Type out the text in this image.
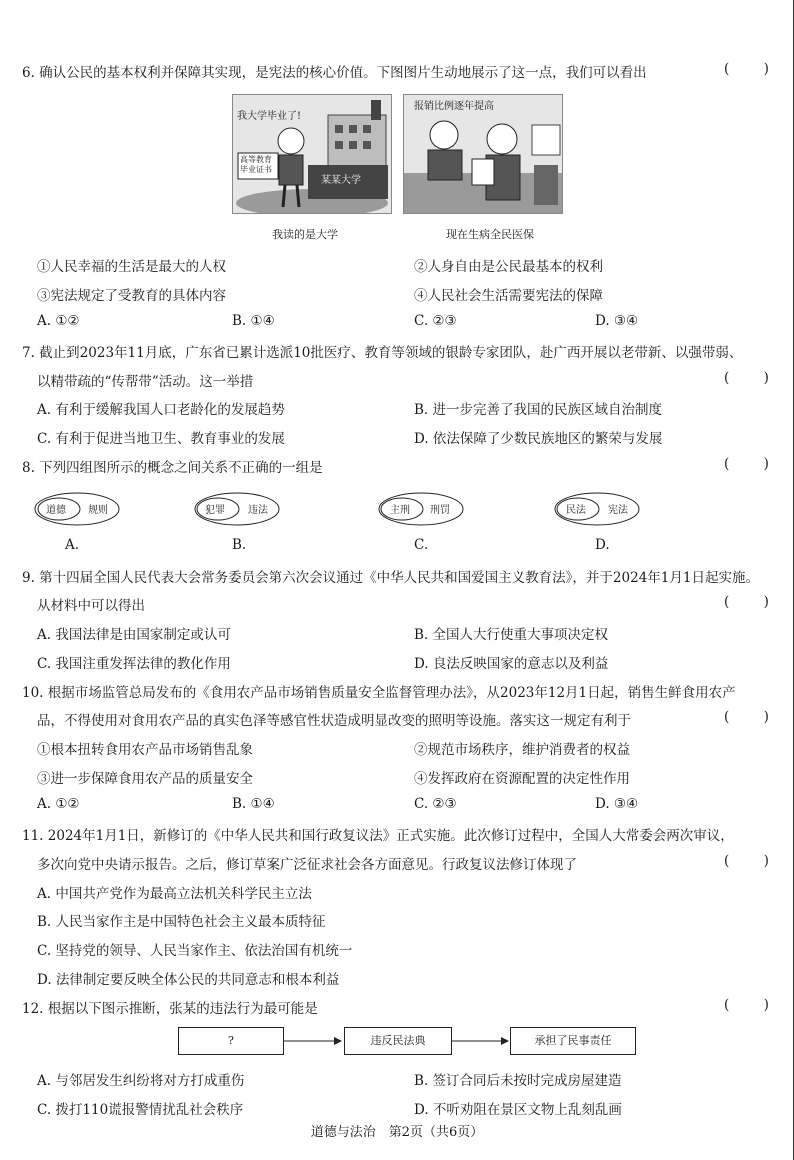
6. 确认公民的基本权利并保障其实现，是宪法的核心价值。下图图片生动地展示了这一点，我们可以看出	(        )
我大学毕业了!
高等教育毕业证书
某某大学
我读的是大学
报销比例逐年提高
现在生病全民医保
①人民幸福的生活是最大的人权	②人身自由是公民最基本的权利
③宪法规定了受教育的具体内容	④人民社会生活需要宪法的保障
A. ①②	B. ①④	C. ②③	D. ③④
7. 截止到2023年11月底，广东省已累计选派10批医疗、教育等领域的银龄专家团队，赴广西开展以老带新、以强带弱、
以精带疏的“传帮带”活动。这一举措	(        )
A. 有利于缓解我国人口老龄化的发展趋势	B. 进一步完善了我国的民族区域自治制度
C. 有利于促进当地卫生、教育事业的发展	D. 依法保障了少数民族地区的繁荣与发展
8. 下列四组图所示的概念之间关系不正确的一组是	(        )
道德 规则
A.
犯罪 违法
B.
主刑 刑罚
C.
民法 宪法
D.
9. 第十四届全国人民代表大会常务委员会第六次会议通过《中华人民共和国爱国主义教育法》，并于2024年1月1日起实施。
从材料中可以得出	(        )
A. 我国法律是由国家制定或认可	B. 全国人大行使重大事项决定权
C. 我国注重发挥法律的教化作用	D. 良法反映国家的意志以及利益
10. 根据市场监管总局发布的《食用农产品市场销售质量安全监督管理办法》，从2023年12月1日起，销售生鲜食用农产
品，不得使用对食用农产品的真实色泽等感官性状造成明显改变的照明等设施。落实这一规定有利于	(        )
①根本扭转食用农产品市场销售乱象	②规范市场秩序，维护消费者的权益
③进一步保障食用农产品的质量安全	④发挥政府在资源配置的决定性作用
A. ①②	B. ①④	C. ②③	D. ③④
11. 2024年1月1日，新修订的《中华人民共和国行政复议法》正式实施。此次修订过程中，全国人大常委会两次审议，
多次向党中央请示报告。之后，修订草案广泛征求社会各方面意见。行政复议法修订体现了	(        )
A. 中国共产党作为最高立法机关科学民主立法
B. 人民当家作主是中国特色社会主义最本质特征
C. 坚持党的领导、人民当家作主、依法治国有机统一
D. 法律制定要反映全体公民的共同意志和根本利益
12. 根据以下图示推断，张某的违法行为最可能是	(        )
?	违反民法典	承担了民事责任
A. 与邻居发生纠纷将对方打成重伤	B. 签订合同后未按时完成房屋建造
C. 拨打110谎报警情扰乱社会秩序	D. 不听劝阻在景区文物上乱刻乱画
道德与法治　第2页（共6页）
